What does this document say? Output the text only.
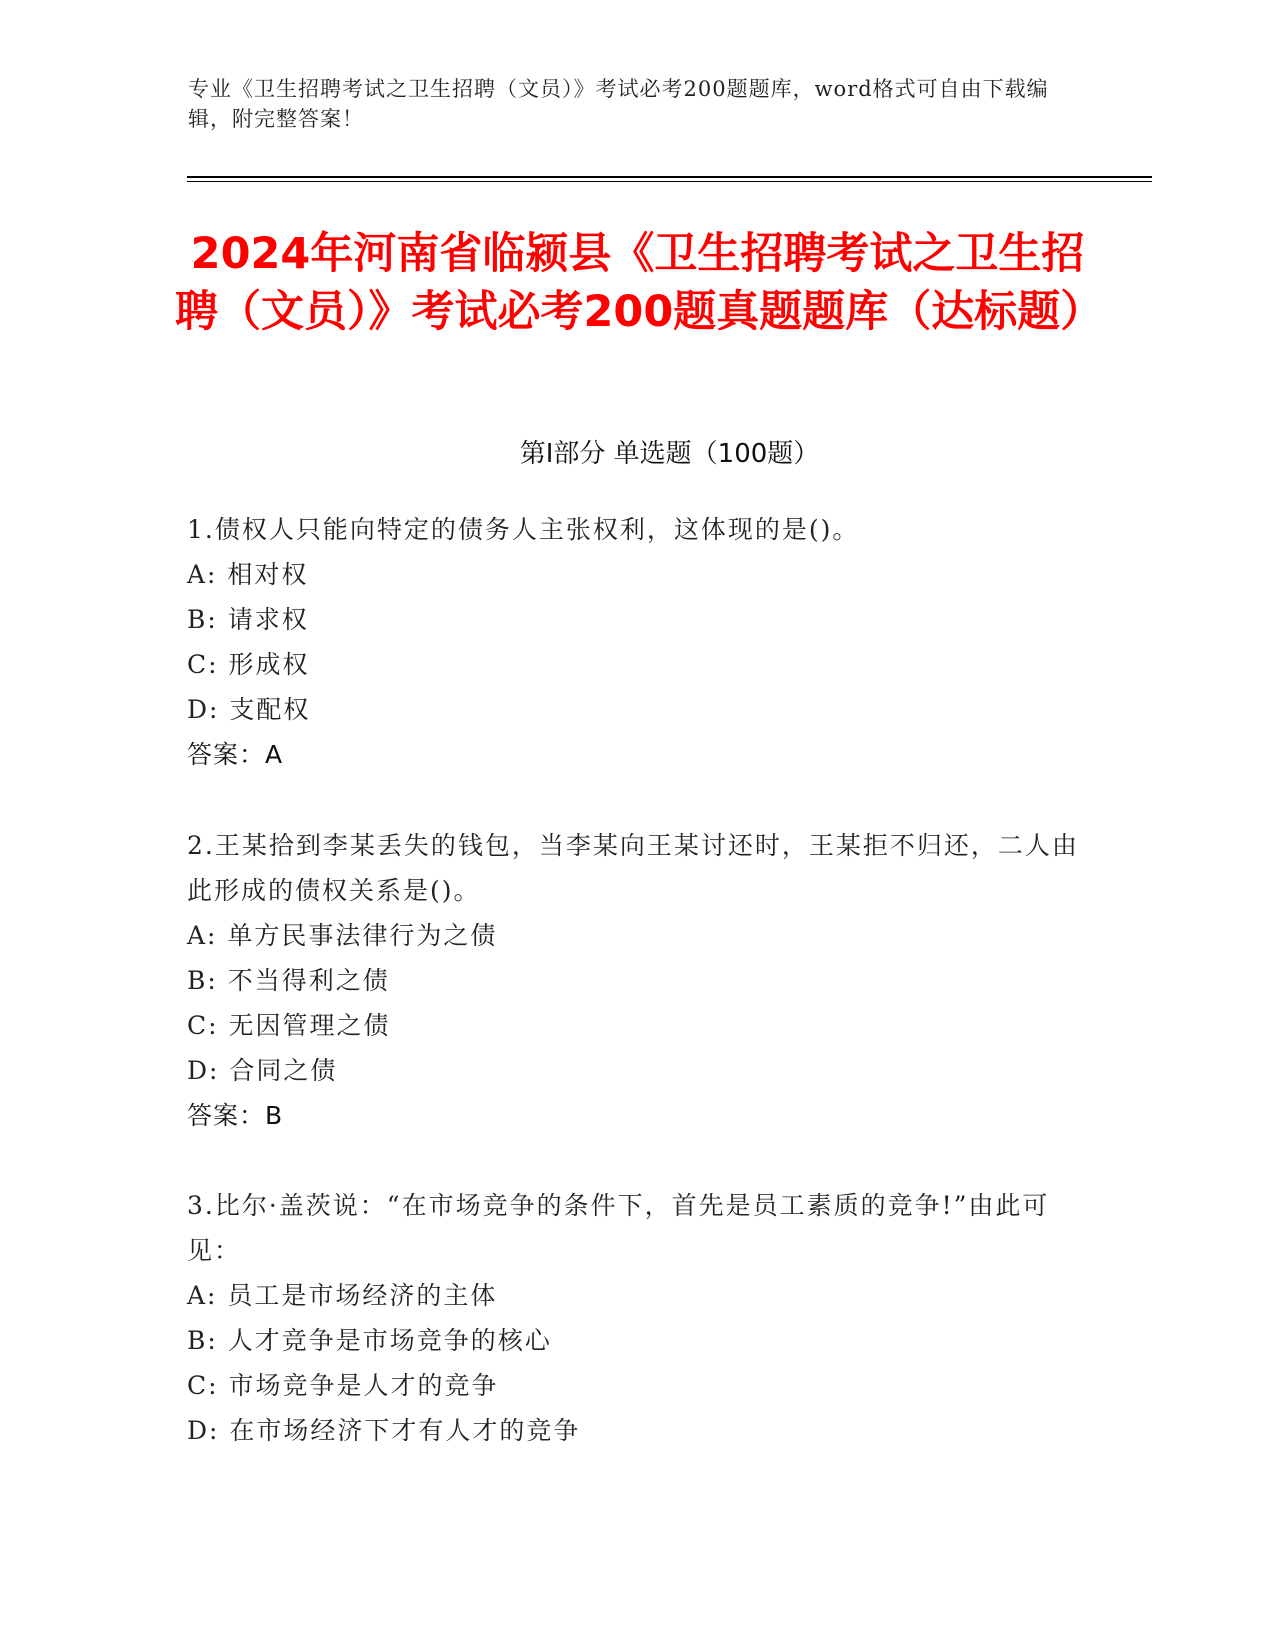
专业《卫生招聘考试之卫生招聘（文员）》考试必考200题题库，word格式可自由下载编辑，附完整答案！
2024年河南省临颍县《卫生招聘考试之卫生招聘（文员）》考试必考200题真题题库（达标题）
第I部分 单选题（100题）

1.债权人只能向特定的债务人主张权利，这体现的是()。

A: 相对权

B: 请求权

C: 形成权

D: 支配权

答案：A

2.王某拾到李某丢失的钱包，当李某向王某讨还时，王某拒不归还，二人由此形成的债权关系是()。

A: 单方民事法律行为之债

B: 不当得利之债

C: 无因管理之债

D: 合同之债

答案：B

3.比尔·盖茨说：“在市场竞争的条件下，首先是员工素质的竞争!”由此可见：

A: 员工是市场经济的主体

B: 人才竞争是市场竞争的核心

C: 市场竞争是人才的竞争

D: 在市场经济下才有人才的竞争
